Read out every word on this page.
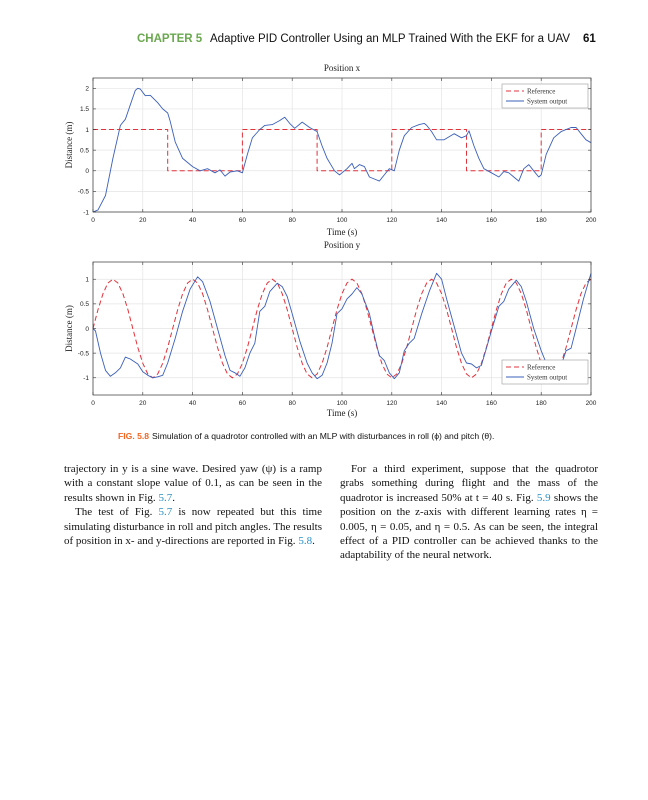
CHAPTER 5 Adaptive PID Controller Using an MLP Trained With the EKF for a UAV 61
0	20	40	60	80	100	120	140	160	180	200
-1
-0.5
0
0.5
1
1.5
2
Position x
Time (s)
Distance (m)
Reference
System output
0	20	40	60	80	100	120	140	160	180	200
-1
-0.5
0
0.5
1
Position y
Time (s)
Distance (m)
Reference
System output
FIG. 5.8 Simulation of a quadrotor controlled with an MLP with disturbances in roll (ϕ) and pitch (θ).

trajectory in y is a sine wave. Desired yaw (ψ) is a ramp with a constant slope value of 0.1, as can be seen in the results shown in Fig. 5.7.

The test of Fig. 5.7 is now repeated but this time simulating disturbance in roll and pitch angles. The results of position in x- and y-directions are reported in Fig. 5.8.

For a third experiment, suppose that the quadrotor grabs something during flight and the mass of the quadrotor is increased 50% at t = 40 s. Fig. 5.9 shows the position on the z-axis with different learning rates η = 0.005, η = 0.05, and η = 0.5. As can be seen, the integral effect of a PID controller can be achieved thanks to the adaptability of the neural network.
